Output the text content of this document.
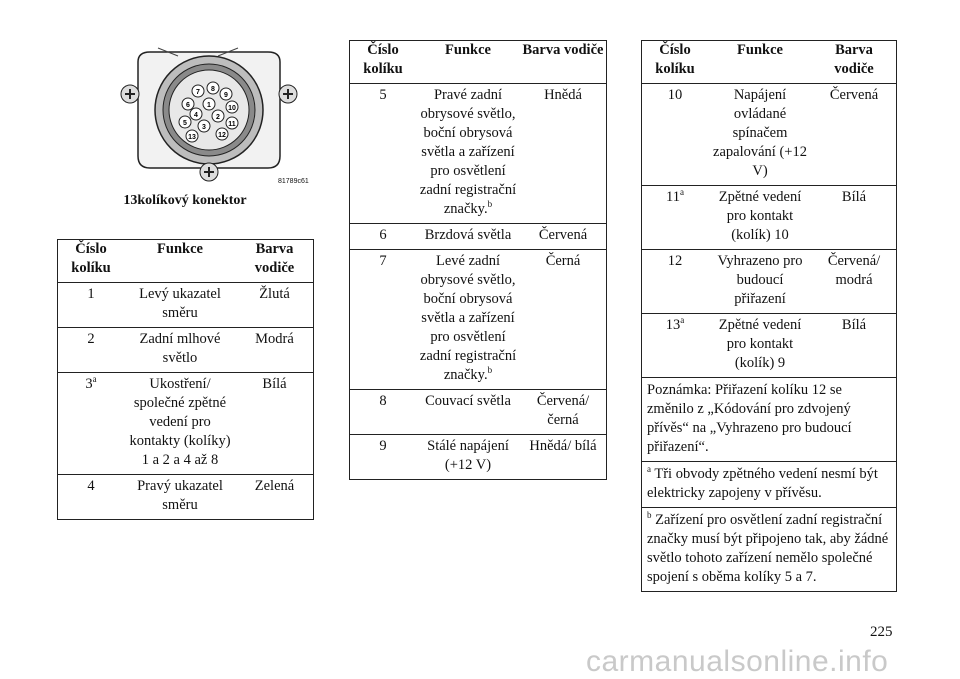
1
2
3
4
5
6
7 8
9
10
11
12
13
81789c61
13kolíkový konektor
Číslo kolíku	Funkce	Barva vodiče
1	Levý ukazatel směru	Žlutá
2	Zadní mlhové světlo	Modrá
3$^a$	Ukostření/ společné zpětné vedení pro kontakty (kolíky) 1 a 2 a 4 až 8	Bílá
4	Pravý ukazatel směru	Zelená
Číslo kolíku	Funkce	Barva vodiče
5	Pravé zadní obrysové světlo, boční obrysová světla a zařízení pro osvětlení zadní registrační značky.$^b$	Hnědá
6	Brzdová světla	Červená
7	Levé zadní obrysové světlo, boční obrysová světla a zařízení pro osvětlení zadní registrační značky.$^b$	Černá
8	Couvací světla	Červená/ černá
9	Stálé napájení (+12 V)	Hnědá/ bílá
Číslo kolíku	Funkce	Barva vodiče
10	Napájení ovládané spínačem zapalování (+12 V)	Červená
11$^a$	Zpětné vedení pro kontakt (kolík) 10	Bílá
12	Vyhrazeno pro budoucí přiřazení	Červená/ modrá
13$^a$	Zpětné vedení pro kontakt (kolík) 9	Bílá
Poznámka: Přiřazení kolíku 12 se změnilo z „Kódování pro zdvojený přívěs“ na „Vyhrazeno pro budoucí přiřazení“.		
$^a$ Tři obvody zpětného vedení nesmí být elektricky zapojeny v přívěsu.		
$^b$ Zařízení pro osvětlení zadní registrační značky musí být připojeno tak, aby žádné světlo tohoto zařízení nemělo společné spojení s oběma kolíky 5 a 7.		
225
carmanualsonline.info
